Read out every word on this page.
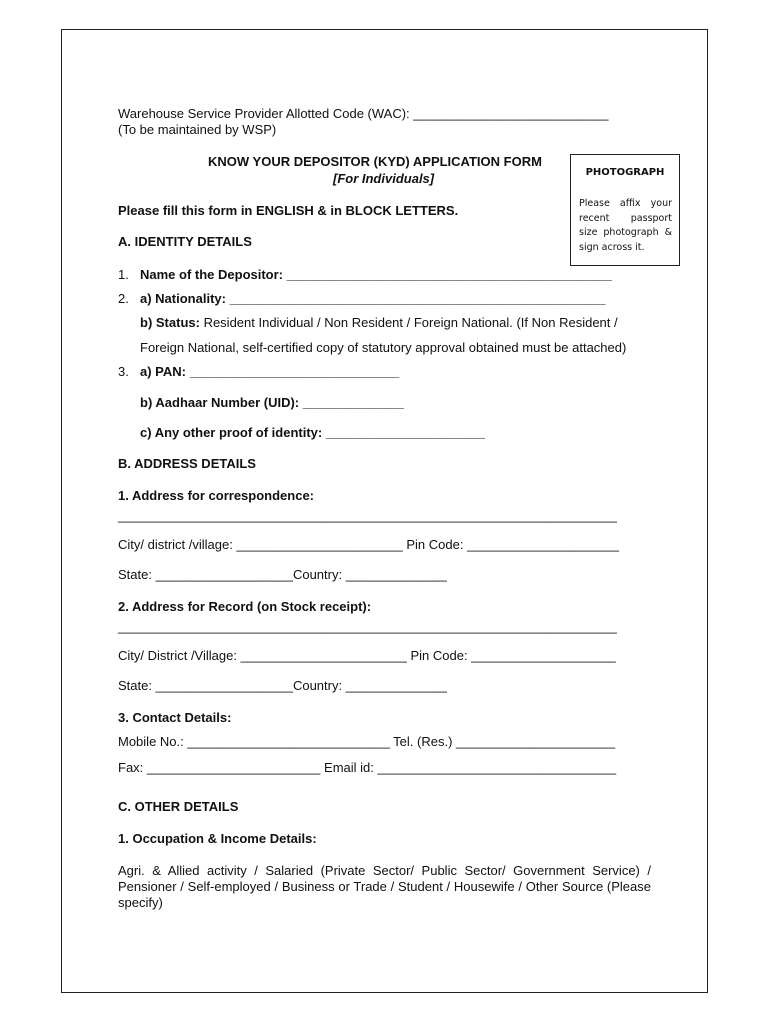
Warehouse Service Provider Allotted Code (WAC): ___________________________
(To be maintained by WSP)
KNOW YOUR DEPOSITOR (KYD) APPLICATION FORM
[For Individuals]	PHOTOGRAPH
Please affix your recent passport size photograph & sign across it.
Please fill this form in ENGLISH & in BLOCK LETTERS.
A. IDENTITY DETAILS
1. Name of the Depositor: _____________________________________________
2. a) Nationality: ____________________________________________________
b) Status: Resident Individual / Non Resident / Foreign National. (If Non Resident /
Foreign National, self-certified copy of statutory approval obtained must be attached)
3. a) PAN: _____________________________
b) Aadhaar Number (UID): ______________
c) Any other proof of identity: ______________________
B. ADDRESS DETAILS
1. Address for correspondence:
_____________________________________________________________________
City/ district /village: _______________________ Pin Code: _____________________
State: ___________________Country: ______________
2. Address for Record (on Stock receipt):
_____________________________________________________________________
City/ District /Village: _______________________ Pin Code: ____________________
State: ___________________Country: ______________
3. Contact Details:
Mobile No.: ____________________________ Tel. (Res.) ______________________
Fax: ________________________ Email id: _________________________________
C. OTHER DETAILS
1. Occupation & Income Details:
Agri. & Allied activity / Salaried (Private Sector/ Public Sector/ Government Service) / Pensioner / Self-employed / Business or Trade / Student / Housewife / Other Source (Please specify)
